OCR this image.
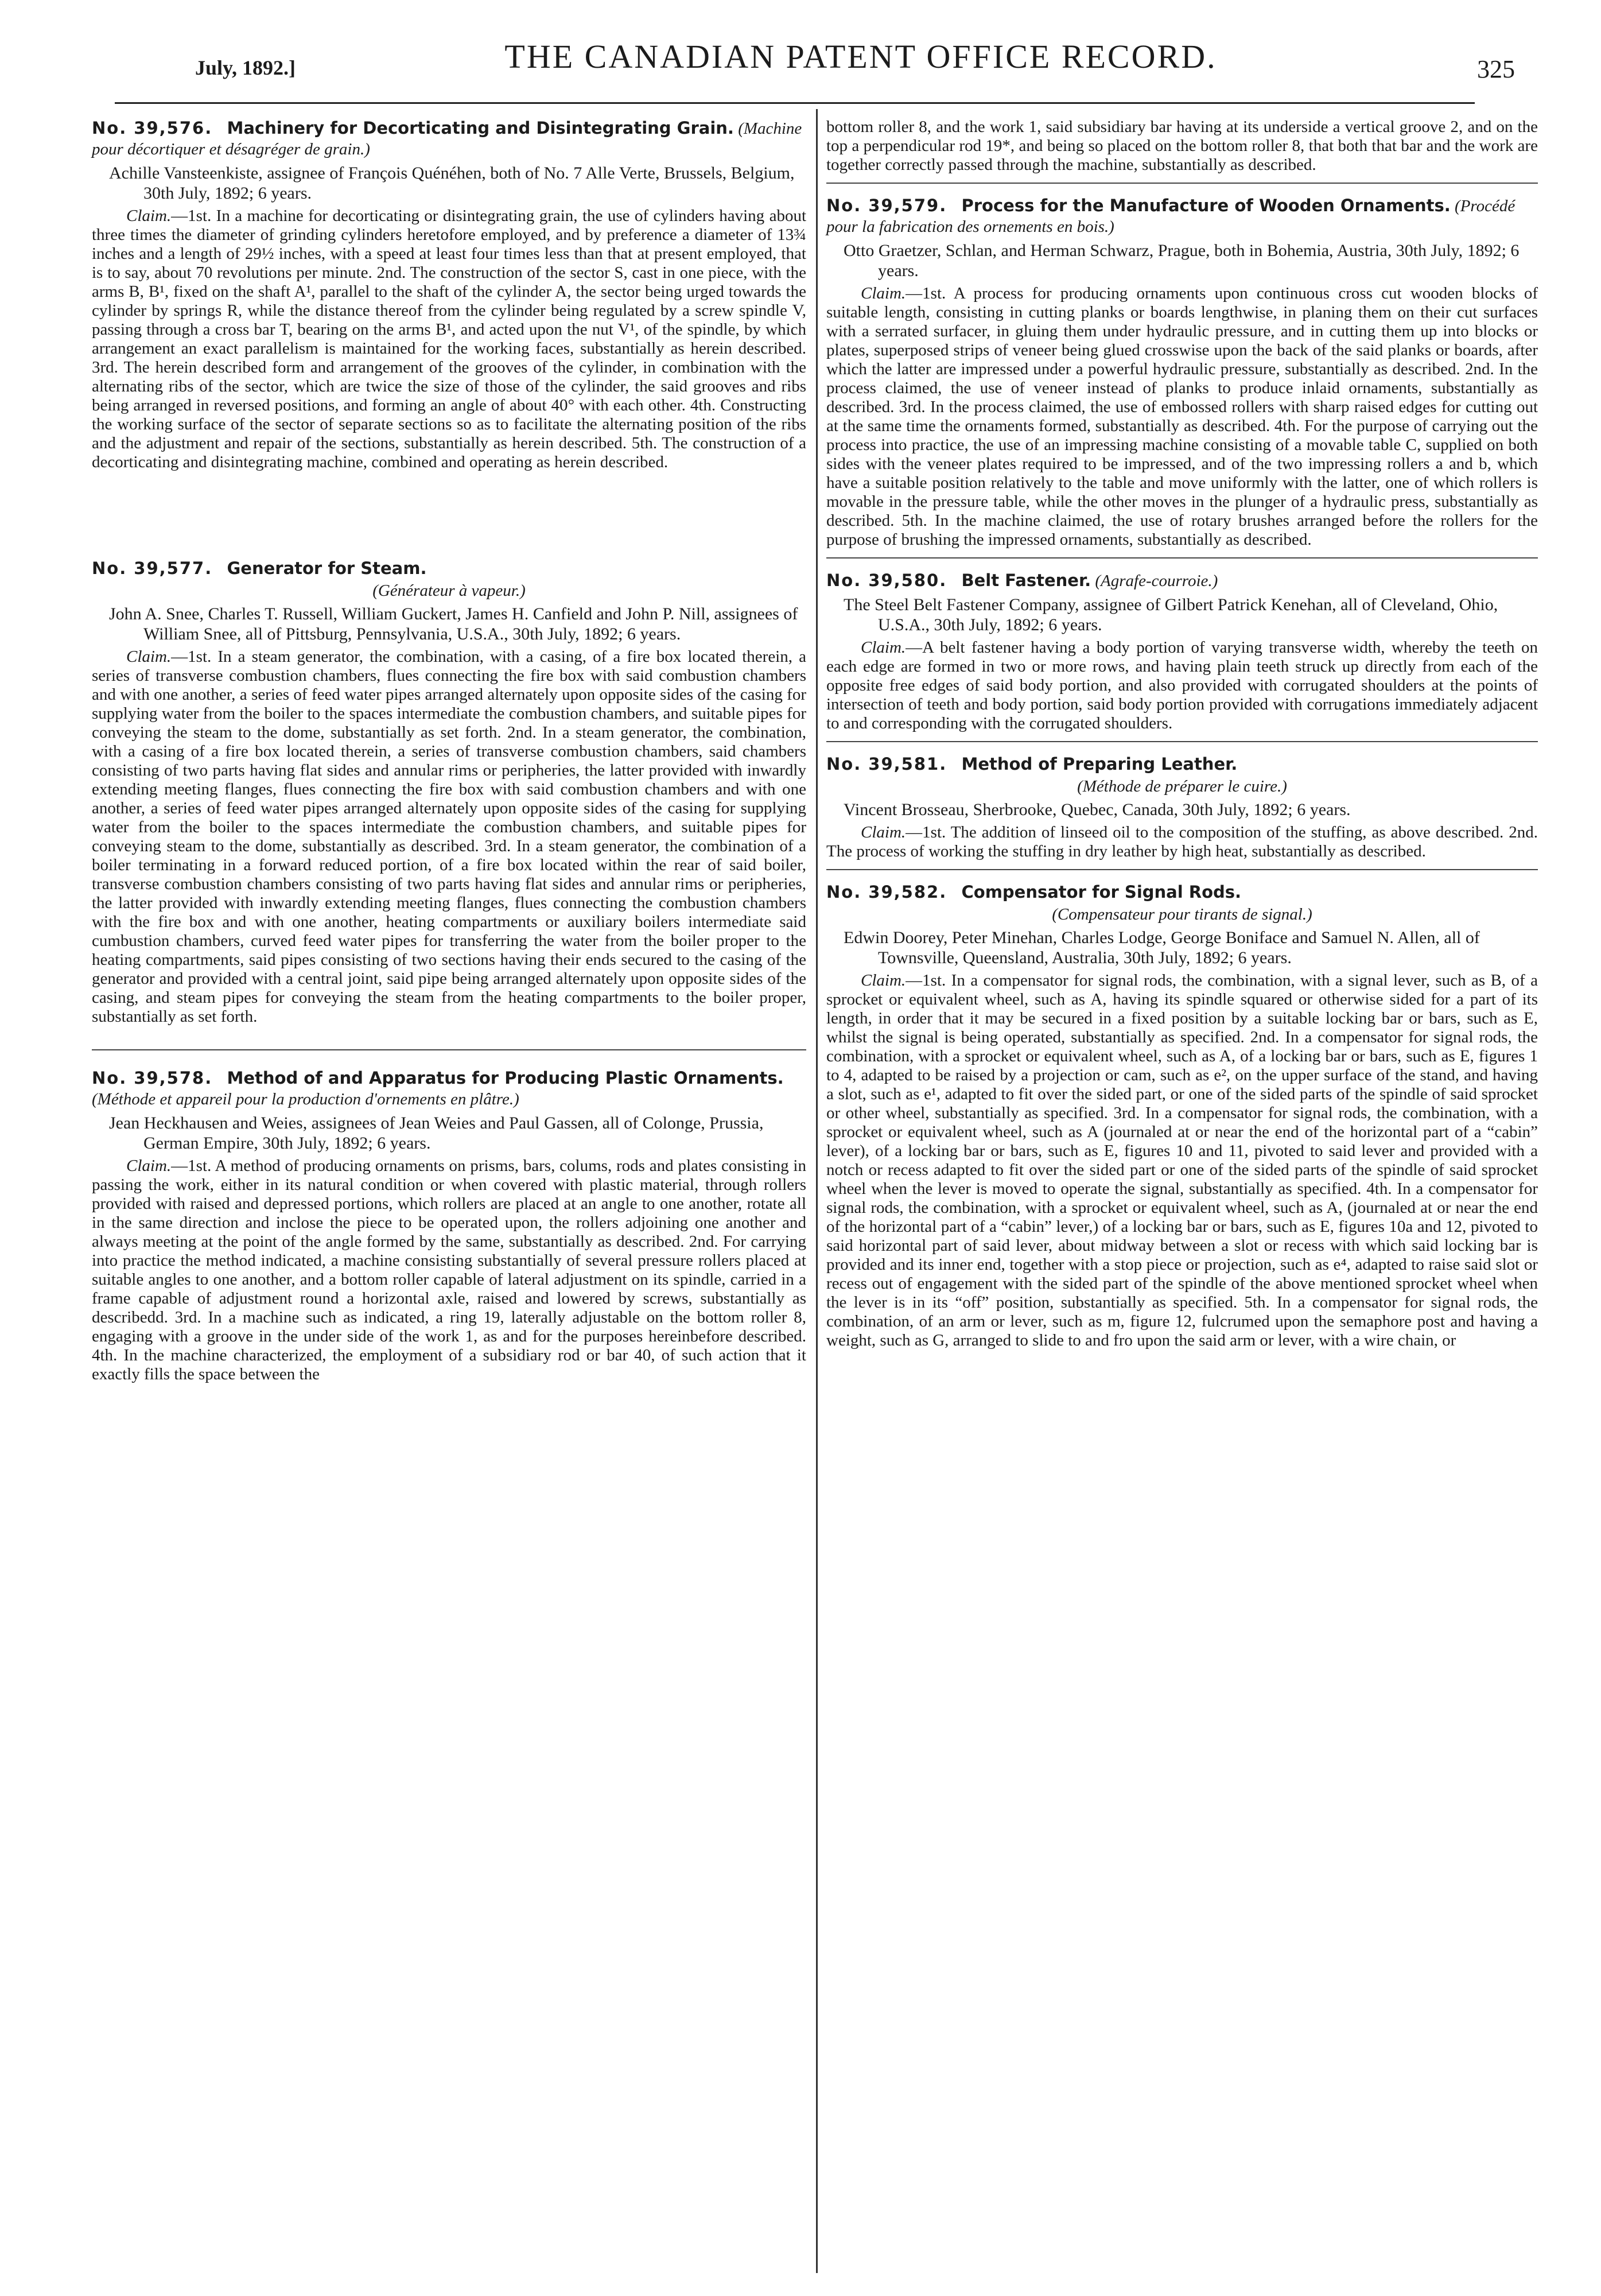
July, 1892.]	THE CANADIAN PATENT OFFICE RECORD.	325

No. 39,576. Machinery for Decorticating and Disintegrating Grain. (Machine pour décortiquer et désagréger de grain.)

Achille Vansteenkiste, assignee of François Quénéhen, both of No. 7 Alle Verte, Brussels, Belgium, 30th July, 1892; 6 years.

Claim.—1st. In a machine for decorticating or disintegrating grain, the use of cylinders having about three times the diameter of grinding cylinders heretofore employed, and by preference a diameter of 13¾ inches and a length of 29½ inches, with a speed at least four times less than that at present employed, that is to say, about 70 revolutions per minute. 2nd. The construction of the sector S, cast in one piece, with the arms B, B¹, fixed on the shaft A¹, parallel to the shaft of the cylinder A, the sector being urged towards the cylinder by springs R, while the distance thereof from the cylinder being regulated by a screw spindle V, passing through a cross bar T, bearing on the arms B¹, and acted upon the nut V¹, of the spindle, by which arrangement an exact parallelism is maintained for the working faces, substantially as herein described. 3rd. The herein described form and arrangement of the grooves of the cylinder, in combination with the alternating ribs of the sector, which are twice the size of those of the cylinder, the said grooves and ribs being arranged in reversed positions, and forming an angle of about 40° with each other. 4th. Constructing the working surface of the sector of separate sections so as to facilitate the alternating position of the ribs and the adjustment and repair of the sections, substantially as herein described. 5th. The construction of a decorticating and disintegrating machine, combined and operating as herein described.

No. 39,577. Generator for Steam.

(Générateur à vapeur.)

John A. Snee, Charles T. Russell, William Guckert, James H. Canfield and John P. Nill, assignees of William Snee, all of Pittsburg, Pennsylvania, U.S.A., 30th July, 1892; 6 years.

Claim.—1st. In a steam generator, the combination, with a casing, of a fire box located therein, a series of transverse combustion chambers, flues connecting the fire box with said combustion chambers and with one another, a series of feed water pipes arranged alternately upon opposite sides of the casing for supplying water from the boiler to the spaces intermediate the combustion chambers, and suitable pipes for conveying the steam to the dome, substantially as set forth. 2nd. In a steam generator, the combination, with a casing of a fire box located therein, a series of transverse combustion chambers, said chambers consisting of two parts having flat sides and annular rims or peripheries, the latter provided with inwardly extending meeting flanges, flues connecting the fire box with said combustion chambers and with one another, a series of feed water pipes arranged alternately upon opposite sides of the casing for supplying water from the boiler to the spaces intermediate the combustion chambers, and suitable pipes for conveying steam to the dome, substantially as described. 3rd. In a steam generator, the combination of a boiler terminating in a forward reduced portion, of a fire box located within the rear of said boiler, transverse combustion chambers consisting of two parts having flat sides and annular rims or peripheries, the latter provided with inwardly extending meeting flanges, flues connecting the combustion chambers with the fire box and with one another, heating compartments or auxiliary boilers intermediate said cumbustion chambers, curved feed water pipes for transferring the water from the boiler proper to the heating compartments, said pipes consisting of two sections having their ends secured to the casing of the generator and provided with a central joint, said pipe being arranged alternately upon opposite sides of the casing, and steam pipes for conveying the steam from the heating compartments to the boiler proper, substantially as set forth.

No. 39,578. Method of and Apparatus for Producing Plastic Ornaments. (Méthode et appareil pour la production d'ornements en plâtre.)

Jean Heckhausen and Weies, assignees of Jean Weies and Paul Gassen, all of Colonge, Prussia, German Empire, 30th July, 1892; 6 years.

Claim.—1st. A method of producing ornaments on prisms, bars, colums, rods and plates consisting in passing the work, either in its natural condition or when covered with plastic material, through rollers provided with raised and depressed portions, which rollers are placed at an angle to one another, rotate all in the same direction and inclose the piece to be operated upon, the rollers adjoining one another and always meeting at the point of the angle formed by the same, substantially as described. 2nd. For carrying into practice the method indicated, a machine consisting substantially of several pressure rollers placed at suitable angles to one another, and a bottom roller capable of lateral adjustment on its spindle, carried in a frame capable of adjustment round a horizontal axle, raised and lowered by screws, substantially as describedd. 3rd. In a machine such as indicated, a ring 19, laterally adjustable on the bottom roller 8, engaging with a groove in the under side of the work 1, as and for the purposes hereinbefore described. 4th. In the machine characterized, the employment of a subsidiary rod or bar 40, of such action that it exactly fills the space between the

bottom roller 8, and the work 1, said subsidiary bar having at its underside a vertical groove 2, and on the top a perpendicular rod 19*, and being so placed on the bottom roller 8, that both that bar and the work are together correctly passed through the machine, substantially as described.

No. 39,579. Process for the Manufacture of Wooden Ornaments. (Procédé pour la fabrication des ornements en bois.)

Otto Graetzer, Schlan, and Herman Schwarz, Prague, both in Bohemia, Austria, 30th July, 1892; 6 years.

Claim.—1st. A process for producing ornaments upon continuous cross cut wooden blocks of suitable length, consisting in cutting planks or boards lengthwise, in planing them on their cut surfaces with a serrated surfacer, in gluing them under hydraulic pressure, and in cutting them up into blocks or plates, superposed strips of veneer being glued crosswise upon the back of the said planks or boards, after which the latter are impressed under a powerful hydraulic pressure, substantially as described. 2nd. In the process claimed, the use of veneer instead of planks to produce inlaid ornaments, substantially as described. 3rd. In the process claimed, the use of embossed rollers with sharp raised edges for cutting out at the same time the ornaments formed, substantially as described. 4th. For the purpose of carrying out the process into practice, the use of an impressing machine consisting of a movable table C, supplied on both sides with the veneer plates required to be impressed, and of the two impressing rollers a and b, which have a suitable position relatively to the table and move uniformly with the latter, one of which rollers is movable in the pressure table, while the other moves in the plunger of a hydraulic press, substantially as described. 5th. In the machine claimed, the use of rotary brushes arranged before the rollers for the purpose of brushing the impressed ornaments, substantially as described.

No. 39,580. Belt Fastener. (Agrafe-courroie.)

The Steel Belt Fastener Company, assignee of Gilbert Patrick Kenehan, all of Cleveland, Ohio, U.S.A., 30th July, 1892; 6 years.

Claim.—A belt fastener having a body portion of varying transverse width, whereby the teeth on each edge are formed in two or more rows, and having plain teeth struck up directly from each of the opposite free edges of said body portion, and also provided with corrugated shoulders at the points of intersection of teeth and body portion, said body portion provided with corrugations immediately adjacent to and corresponding with the corrugated shoulders.

No. 39,581. Method of Preparing Leather.

(Méthode de préparer le cuire.)

Vincent Brosseau, Sherbrooke, Quebec, Canada, 30th July, 1892; 6 years.

Claim.—1st. The addition of linseed oil to the composition of the stuffing, as above described. 2nd. The process of working the stuffing in dry leather by high heat, substantially as described.

No. 39,582. Compensator for Signal Rods.

(Compensateur pour tirants de signal.)

Edwin Doorey, Peter Minehan, Charles Lodge, George Boniface and Samuel N. Allen, all of Townsville, Queensland, Australia, 30th July, 1892; 6 years.

Claim.—1st. In a compensator for signal rods, the combination, with a signal lever, such as B, of a sprocket or equivalent wheel, such as A, having its spindle squared or otherwise sided for a part of its length, in order that it may be secured in a fixed position by a suitable locking bar or bars, such as E, whilst the signal is being operated, substantially as specified. 2nd. In a compensator for signal rods, the combination, with a sprocket or equivalent wheel, such as A, of a locking bar or bars, such as E, figures 1 to 4, adapted to be raised by a projection or cam, such as e², on the upper surface of the stand, and having a slot, such as e¹, adapted to fit over the sided part, or one of the sided parts of the spindle of said sprocket or other wheel, substantially as specified. 3rd. In a compensator for signal rods, the combination, with a sprocket or equivalent wheel, such as A (journaled at or near the end of the horizontal part of a “cabin” lever), of a locking bar or bars, such as E, figures 10 and 11, pivoted to said lever and provided with a notch or recess adapted to fit over the sided part or one of the sided parts of the spindle of said sprocket wheel when the lever is moved to operate the signal, substantially as specified. 4th. In a compensator for signal rods, the combination, with a sprocket or equivalent wheel, such as A, (journaled at or near the end of the horizontal part of a “cabin” lever,) of a locking bar or bars, such as E, figures 10a and 12, pivoted to said horizontal part of said lever, about midway between a slot or recess with which said locking bar is provided and its inner end, together with a stop piece or projection, such as e⁴, adapted to raise said slot or recess out of engagement with the sided part of the spindle of the above mentioned sprocket wheel when the lever is in its “off” position, substantially as specified. 5th. In a compensator for signal rods, the combination, of an arm or lever, such as m, figure 12, fulcrumed upon the semaphore post and having a weight, such as G, arranged to slide to and fro upon the said arm or lever, with a wire chain, or
